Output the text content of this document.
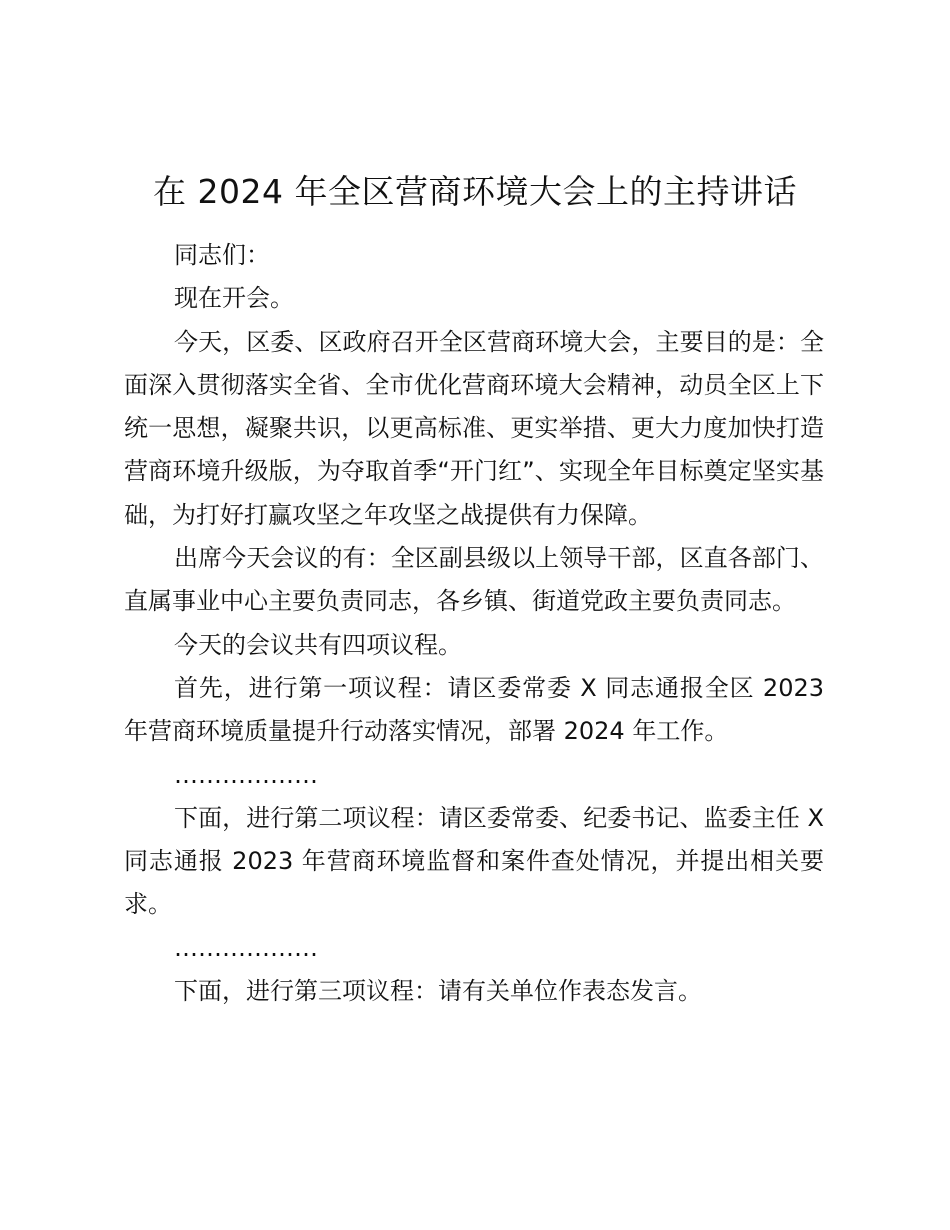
在 2024 年全区营商环境大会上的主持讲话

同志们：

现在开会。

今天，区委、区政府召开全区营商环境大会，主要目的是：全面深入贯彻落实全省、全市优化营商环境大会精神，动员全区上下统一思想，凝聚共识，以更高标准、更实举措、更大力度加快打造营商环境升级版，为夺取首季“开门红”、实现全年目标奠定坚实基础，为打好打赢攻坚之年攻坚之战提供有力保障。

出席今天会议的有：全区副县级以上领导干部，区直各部门、直属事业中心主要负责同志，各乡镇、街道党政主要负责同志。

今天的会议共有四项议程。

首先，进行第一项议程：请区委常委 X 同志通报全区 2023 年营商环境质量提升行动落实情况，部署 2024 年工作。

………………

下面，进行第二项议程：请区委常委、纪委书记、监委主任 X 同志通报 2023 年营商环境监督和案件查处情况，并提出相关要求。

………………

下面，进行第三项议程：请有关单位作表态发言。
